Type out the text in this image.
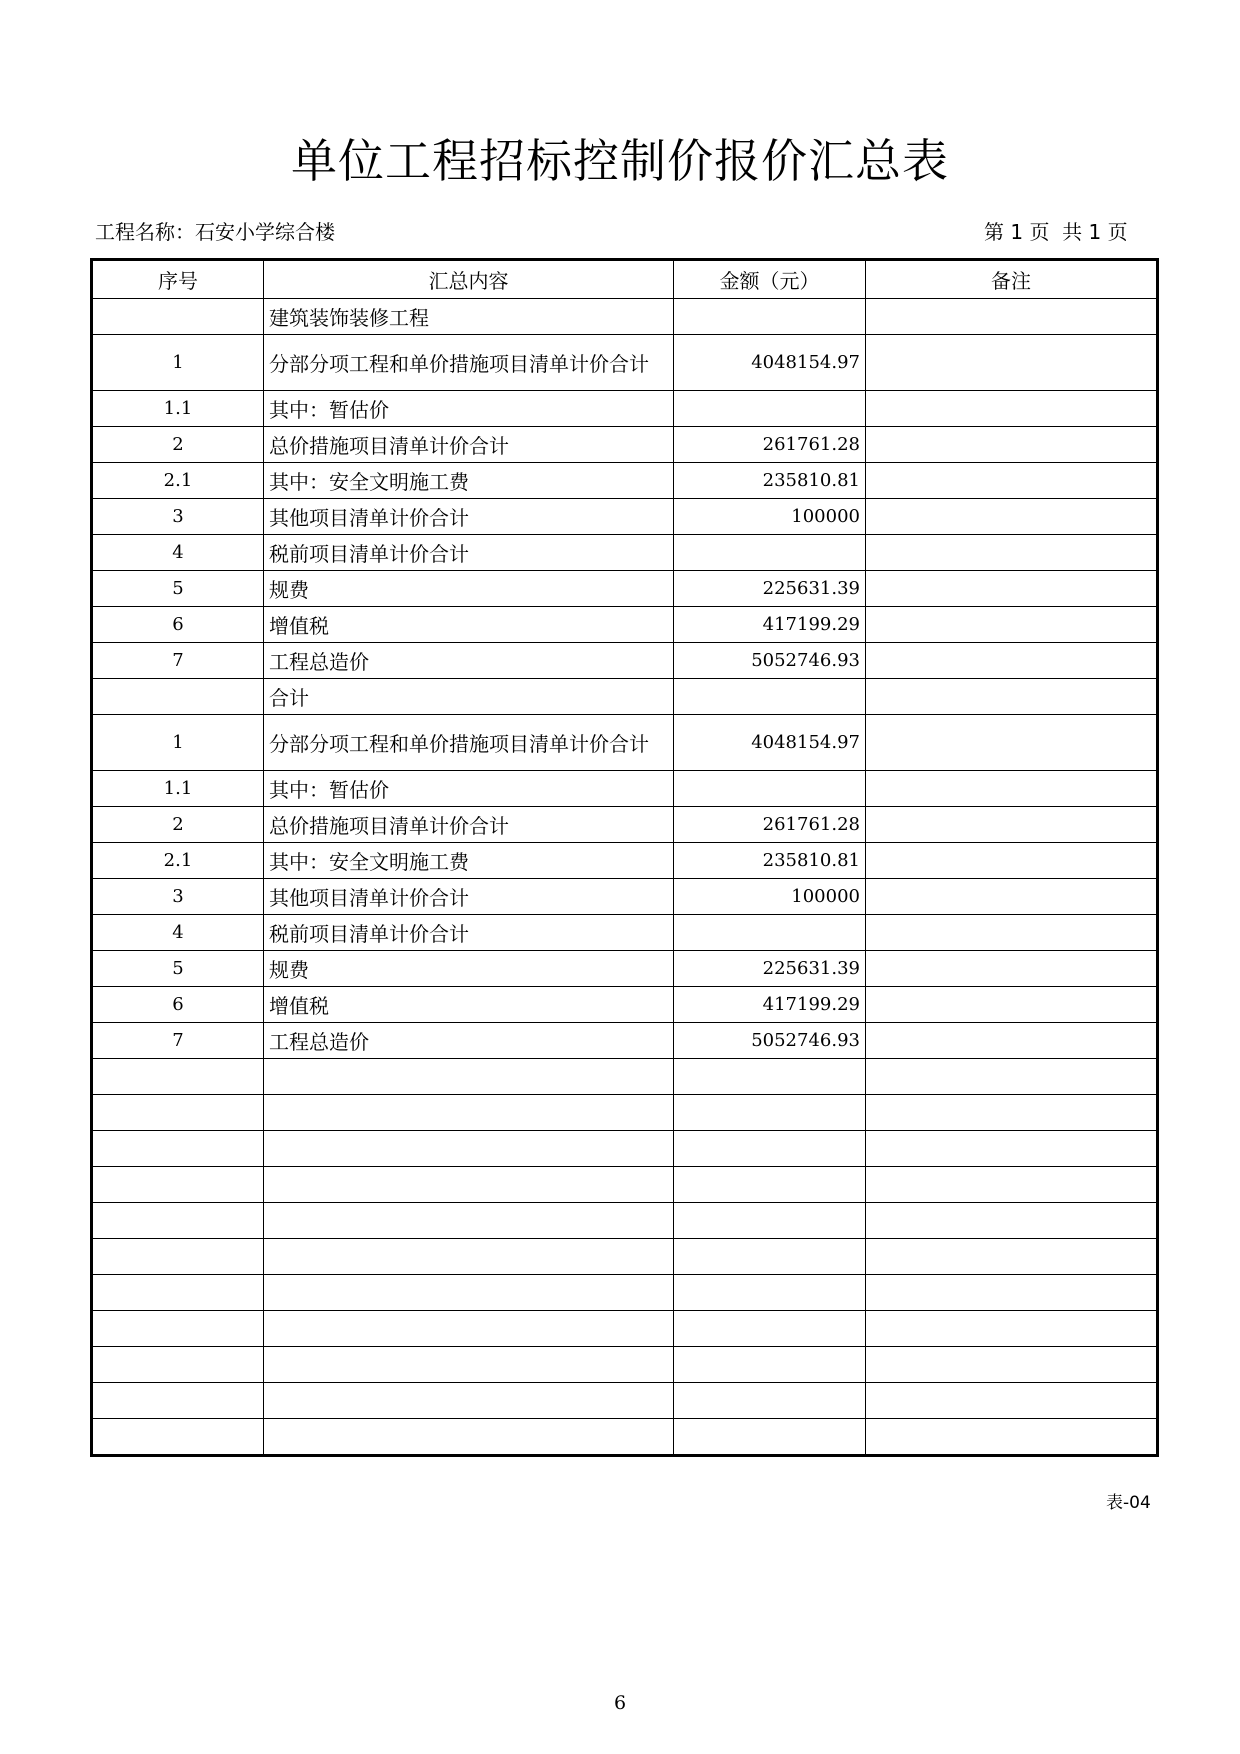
单位工程招标控制价报价汇总表
工程名称：石安小学综合楼	第 1 页  共 1 页
序号	汇总内容	金额（元）	备注
	建筑装饰装修工程		
1	分部分项工程和单价措施项目清单计价合计	4048154.97	
1.1	其中：暂估价		
2	总价措施项目清单计价合计	261761.28	
2.1	其中：安全文明施工费	235810.81	
3	其他项目清单计价合计	100000	
4	税前项目清单计价合计		
5	规费	225631.39	
6	增值税	417199.29	
7	工程总造价	5052746.93	
	合计		
1	分部分项工程和单价措施项目清单计价合计	4048154.97	
1.1	其中：暂估价		
2	总价措施项目清单计价合计	261761.28	
2.1	其中：安全文明施工费	235810.81	
3	其他项目清单计价合计	100000	
4	税前项目清单计价合计		
5	规费	225631.39	
6	增值税	417199.29	
7	工程总造价	5052746.93	

表-04
6
